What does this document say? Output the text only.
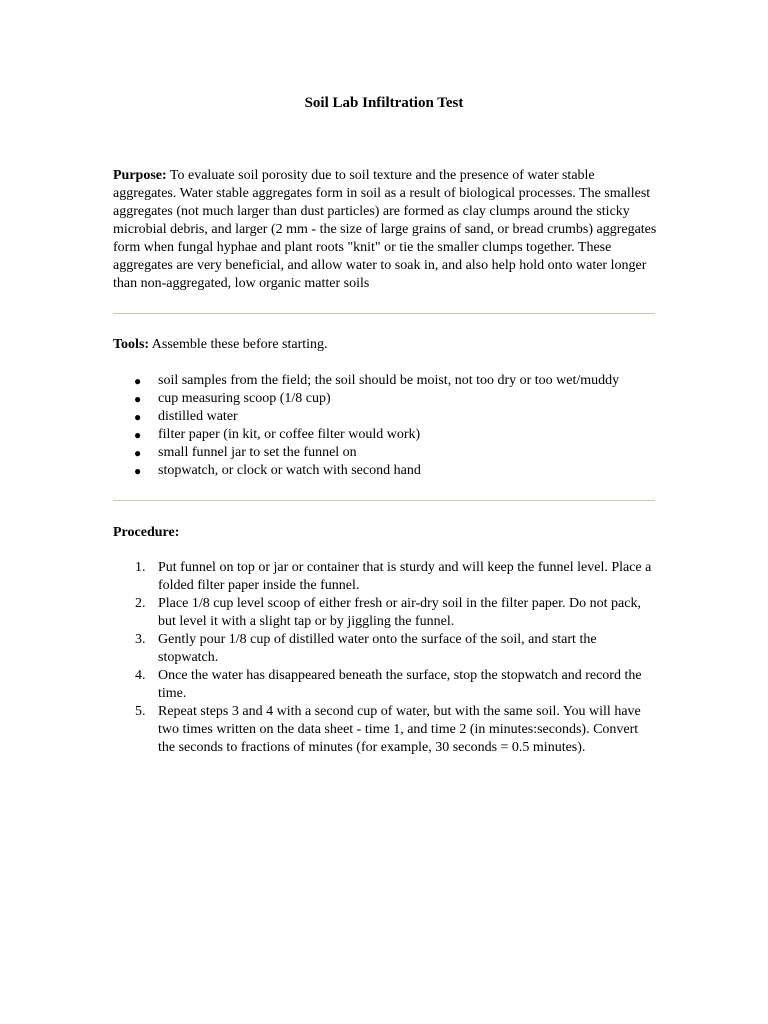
Soil Lab Infiltration Test

Purpose: To evaluate soil porosity due to soil texture and the presence of water stable aggregates. Water stable aggregates form in soil as a result of biological processes. The smallest aggregates (not much larger than dust particles) are formed as clay clumps around the sticky microbial debris, and larger (2 mm - the size of large grains of sand, or bread crumbs) aggregates form when fungal hyphae and plant roots "knit" or tie the smaller clumps together. These aggregates are very beneficial, and allow water to soak in, and also help hold onto water longer than non-aggregated, low organic matter soils

Tools: Assemble these before starting.

● soil samples from the field; the soil should be moist, not too dry or too wet/muddy
● cup measuring scoop (1/8 cup)
● distilled water
● filter paper (in kit, or coffee filter would work)
● small funnel jar to set the funnel on
● stopwatch, or clock or watch with second hand

Procedure:

1. Put funnel on top or jar or container that is sturdy and will keep the funnel level. Place a folded filter paper inside the funnel.
2. Place 1/8 cup level scoop of either fresh or air-dry soil in the filter paper. Do not pack, but level it with a slight tap or by jiggling the funnel.
3. Gently pour 1/8 cup of distilled water onto the surface of the soil, and start the stopwatch.
4. Once the water has disappeared beneath the surface, stop the stopwatch and record the time.
5. Repeat steps 3 and 4 with a second cup of water, but with the same soil. You will have two times written on the data sheet - time 1, and time 2 (in minutes:seconds). Convert the seconds to fractions of minutes (for example, 30 seconds = 0.5 minutes).
